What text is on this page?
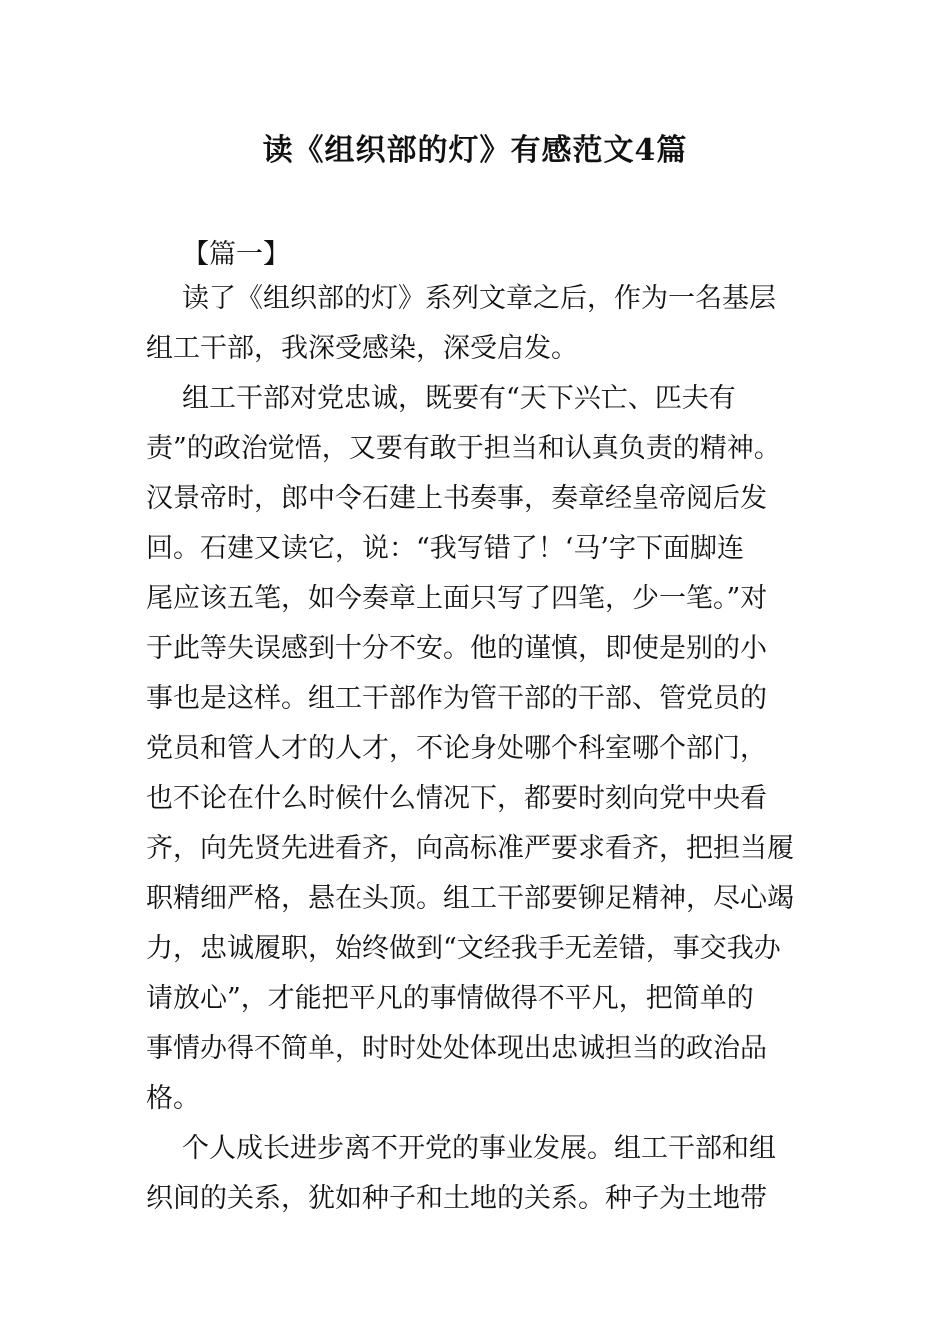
读《组织部的灯》有感范文4篇
【篇一】
读了《组织部的灯》系列文章之后，作为一名基层
组工干部，我深受感染，深受启发。
组工干部对党忠诚，既要有“天下兴亡、匹夫有
责”的政治觉悟，又要有敢于担当和认真负责的精神。
汉景帝时，郎中令石建上书奏事，奏章经皇帝阅后发
回。石建又读它，说：“我写错了！‘马’字下面脚连
尾应该五笔，如今奏章上面只写了四笔，少一笔。”对
于此等失误感到十分不安。他的谨慎，即使是别的小
事也是这样。组工干部作为管干部的干部、管党员的
党员和管人才的人才，不论身处哪个科室哪个部门，
也不论在什么时候什么情况下，都要时刻向党中央看
齐，向先贤先进看齐，向高标准严要求看齐，把担当履
职精细严格，悬在头顶。组工干部要铆足精神，尽心竭
力，忠诚履职，始终做到“文经我手无差错，事交我办
请放心”，才能把平凡的事情做得不平凡，把简单的
事情办得不简单，时时处处体现出忠诚担当的政治品
格。
个人成长进步离不开党的事业发展。组工干部和组
织间的关系，犹如种子和土地的关系。种子为土地带
